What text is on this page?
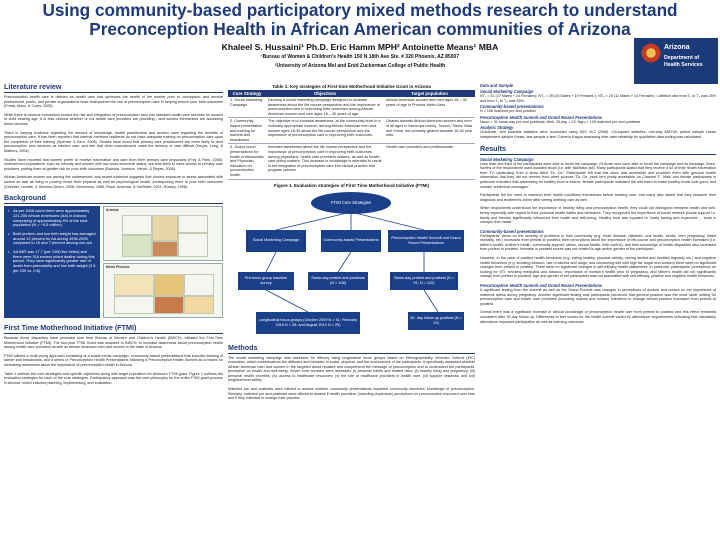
Using community-based participatory mixed methods research to understand
Preconception Health in African American communities of Arizona
Khaleel S. Hussaini¹ Ph.D. Eric Hamm MPH² Antoinette Means¹ MBA
¹Bureau of Women & Children's Health 150 N 18th Ave Ste. # 320 Phoenix, AZ 85007
²University of Arizona Mel and Enid Zuckerman College of Public Health
Arizona
Department of
Health Services
Literature review
Preconception health care is defined as health care that optimizes the health of the mother prior to conception; and several professional, public, and private organizations have championed the use of preconception care in helping reduce poor birth outcomes (Freda, Moos, & Curtis, 2006).
While there is obvious momentum toward the rise and integration of preconception care into standard health care services for women of child bearing age, it is less obvious whether or not health care providers are providing , and women themselves are accessing these services.
There is varying evidence regarding the amount of knowledge, health practitioners and women have regarding the benefits of preconception care. It has been reported that internal medicine residents do not have adequate training on preconception care upon the completion of their training (Spencer & Kern, 2008). Studies have found that primary care practitioners are more likely to view preconception care services as elective care, and feel that other commitments make the delivery of care difficult (Heyes, Long, & Mathers, 2004).
Studies have reported that women prefer to receive information and care from their primary care physicians (Frey & Files, 2006); underserved populations, such as minority and women with low socio-economic status, are less likely to have access to primary care providers, putting them at greater risk for poor birth outcomes (Baduza, Johnson, Hench, & Reyes, 2008).
African American women are among the underserved; and recent evidence suggests that chronic exposure to stress associated with racism as well as living in poverty erode their physical as well as psychological health, predisposing them to poor birth outcomes (Sheeder, Lezotte, & Stevens-Simon, 2006; Geronimus, 1996; Rush, Andrews, & Garfinkel, 2001; Rowley, 1998).
Background
• As per 2008 count there were approximately 221,258 African Americans (AA) in Arizona comprising of approximately 4% of the total population (N = ~6.5 million).
• Both preterm and low birth weight has averaged around 12 percent for AA during 1998-2008 compared to 10 and 7 percent among non-AA.
• AA IMR was 17.7 (per 1000 live births) and there were 316 excess infant deaths during this period. They have significantly greater rate of death from prematurity and low birth weight (3.5 per 100 vs. 0.6)
Arizona
Metro Phoenix
First Time Motherhood Initiative (FTMI)
Because these disparities have persisted over time Bureau of Women and Children's Health (BWCH), initiated the First-Time Motherhood Initiative (FTMI). The two-year FTMI Grant was awarded to BWCH, to increase awareness about preconception health among health care providers as well as African American men and women in the state of Arizona.
FTMI utilized a multi prong approach consisting of a social media campaign, community-based presentations that included training of barber and beauticians, and a series of Preconception Health Presentations following a Preconception Health Summit as a means for increasing awareness about the importance of preconception health in Arizona.
Table 1 outlines the core strategies and specific objectives along with target population for Arizona's FTMI grant. Figure 1 outlines the evaluation strategies for each of the core strategies. Participatory approach was the core philosophy for the entire FTMI grant process in Arizona, which included planning, implementing, and evaluation.
Table 1: Key strategies of First-time Motherhood Initiative Grant in Arizona
Core Strategy	Objectives	Target population
1. Social Marketing Campaign	Develop a social marketing campaign designed to increase awareness about the life course perspective and the importance of preconception care in improving birth outcomes among African American women and men ages 18 – 30 years of age.	African American women and men ages 18 – 30 years of age in Phoenix Metro Area
2. Community-based presentation and training for barbers and beauticians	The objective is to increase awareness, at the community level in a culturally appropriate manner, among African American men and women ages 18-30 about the life course perspective and the importance of preconception care in improving birth outcomes.	Geared towards African American women and men of all ages in Maricopa county, Tucson, Sierra Vista and Yuma, but primarily geared towards 18-30 year olds.
3. Grand round presentations for health professionals and Physician education on preconception health	Increase awareness about the life course perspective and the importance of preconception care in improving birth outcomes among physicians, health care providers makers, as well as health care policy makers. This increase in knowledge is intended to result in the integration of preconception care into clinical practice and program policies.	Health care providers and professionals
Figure 1. Evaluation strategies of First Time Motherhood Initiative (FTMI)
FTMI Core Strategies
Social Marketing Campaign	Community-based Presentations
Preconception Health Summit and Grand Round Presentations
Pre-focus group baseline survey
Same-day pretest and posttests (N = 108)
Same-day pretest and posttest (N = 91; N = 120)
Longitudinal focus groups (October 2009 N = 51; February 2010 N = 39; and August 2010 N = 25)
30- day follow-up posttest (N = 23)
Methods
The social marketing campaign was assessed for efficacy using longitudinal focus groups based on Ethnographically Informed Cultural (EIC) evaluation, which contextualizes the attitudes and behavior in social, physical, and the environment of the participants. It specifically assessed whether African American men and women in the targeted areas recalled and comprehend the message of preconception and to understand the participants' perception on health and well-being. Seven core domains were assessed: (i) personal habits and related risks; (ii) healthy living and pregnancy; (iii) personal health priorities; (iv) access to healthcare resources; (v) the role of healthcare providers in health care; (vi) support networks, and (vii) neighborhood safety.
Matched pre and posttests were utilized to assess whether community presentations impacted community members' knowledge of preconception. Similarly, matched pre and posttests were utilized to assess if health providers' (including physicians) perceptions on preconception improved over time and if they intended to change their practice.
Data and Sample
Social Marketing Campaign
NT₁ = 51 (27 Males + 24 Females); NT₂ = 39 (20 Males + 19 Females ); NT₃ = 25 (11 Males + 14 Females) = Attrition rate from T₁ to T₂ was 25% and from T₁ to T₃ was 35%.
Community-based presentations
N = 108 matched pre and posttest
Preconception Health Summit and Grand Round Presentations
Nsum = 91 same-day pre and posttests; Nfoll. 30-day = 23; Ngro = 120 matched pre and posttests
Analytic Strategy
Univariate, and bivariate statistics were conducted using SAS v9.2 (2008). Chi-square statistics, one-way ANOVA, paired sample t-tests independent sample t-tests, one-sample z-test; Cohen's Kappa assessing inter-rater reliability for qualitative data coding was calculated.
Results
Social Marketing Campaign
Less than one-third of the participants were able to recall the campaign. Of those who were able to recall the campaign and its message, three-fourths of the respondents used assisted recall (i.e. with facilitator aid). Many participants stated that they receive a lot of their health information from TV, particularly from a show titled "Dr. Oz." Participants felt that this show was accessible and provided them with genuine health information that they did not receive from other sources "Dr. Oz, yeah he's pretty accessible on Channel 3". Male and female participants in particular indicated that advertising for healthy food is scarce, female participants indicated the ads need to make healthy foods look good, and contain 'subliminal messages.'
Participants felt the need to research their health conditions themselves before seeking care, and many also stated that they research their diagnosis and treatments online after seeing seeking care as well.
While respondents understood the importance of healthy living and preconception health, they could not distinguish between health and well-being especially with regard to their personal health habits and behaviors. They recognized the importance of social network (social support i.e. family and friends) significantly influenced their health and well-being. Healthy food was equated to "nasty tasting and expensive…. soda is cheaper then water."
Community-based presentations
Participants' views on the severity of problems in their community (e.g. heart disease, diabetes, oral health, stroke, teen pregnancy, infant mortality, etc.) increased from pretest to posttest; their perceptions about the importance of life-course and preconception health increased (i.e. father's health, mother's health, community support, stress, sexual health, birth control); and their knowledge of health disparities also increased from pretest to posttest. Increase in posttest scores was not related to age and/or gender of the participant.
However, in the case of positive health behaviors (e.g. eating healthy, physical activity, seeing dentist and dentists regularly etc.) and negative health behaviors (e.g. smoking tobacco, use of alcohol and drugs, and consuming diet with high fat, sugar and sodium) there were no significant changes from pretest to posttest. There were no significant changes in self-efficacy health statements. In particular, participants' perceptions on looking for STI, smoking marijuana and tobacco, importance of woman's health prior to pregnancy, and father's health did not significantly change from pretest to posttest. Age and gender of the participants was not associated with self-efficacy, positive and negative health behaviors.
Preconception Health Summit and Grand Round Presentations
A significant finding from the summit as well as the Grand Rounds was changes in perceptions of doctors and nurses on the importance of maternal stress during pregnancy. Another significant finding was participants perceived that general practice was the most 'ideal' setting for preconception care and health care providers (including doctors and nurses) intentions to change clinical practice increased from pretest to posttest.
Overall there was a significant increase in clinical knowledge of preconception health care from pretest to posttest and this effect remained consistent after 30-day follow-up. Differences in test scores for the health summit varied by attendance requirements indicating that mandatory attendance impacted participation as well as learning outcomes.
